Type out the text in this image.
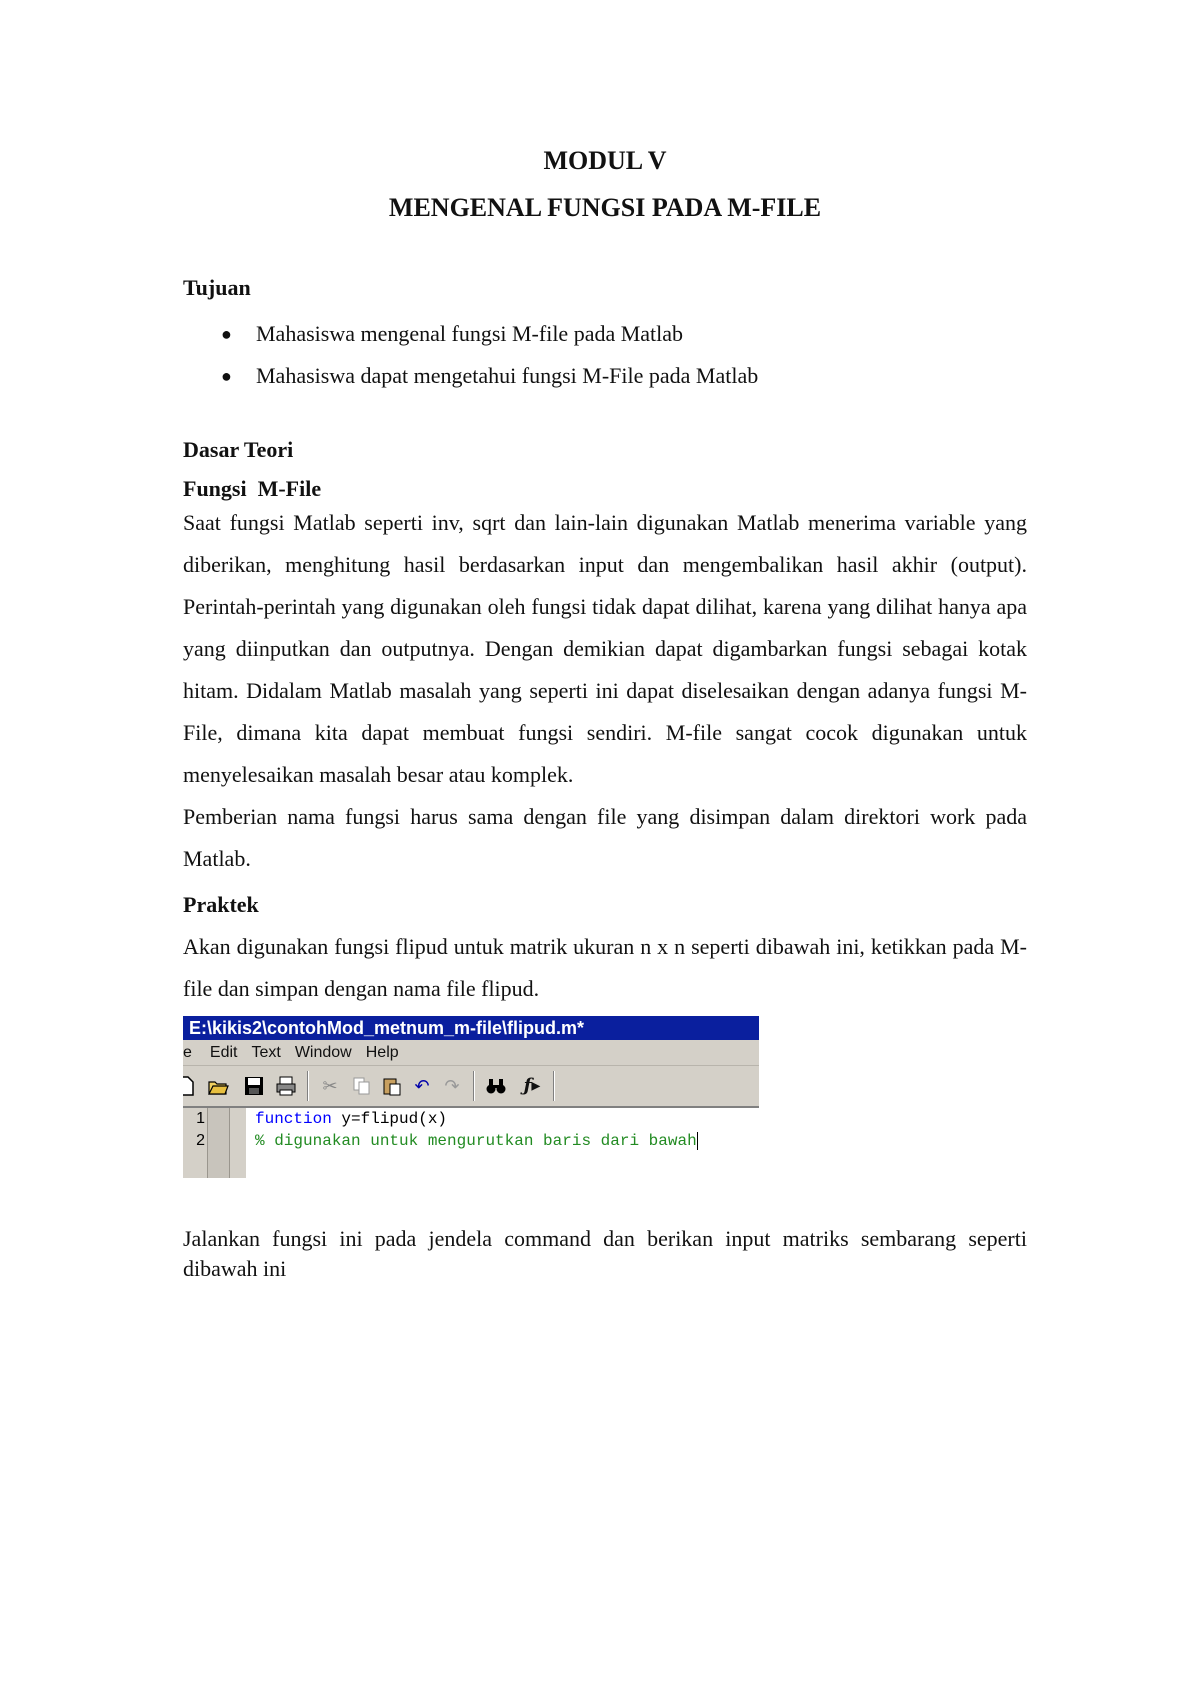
MODUL V

MENGENAL FUNGSI PADA M-FILE

Tujuan

● Mahasiswa mengenal fungsi M-file pada Matlab
● Mahasiswa dapat mengetahui fungsi M-File pada Matlab

Dasar Teori

Fungsi  M-File

Saat fungsi Matlab seperti inv, sqrt dan lain-lain digunakan Matlab menerima variable yang diberikan, menghitung hasil berdasarkan input dan mengembalikan hasil akhir (output). Perintah-perintah yang digunakan oleh fungsi tidak dapat dilihat, karena yang dilihat hanya apa yang diinputkan dan outputnya. Dengan demikian dapat digambarkan fungsi sebagai kotak hitam. Didalam Matlab masalah yang seperti ini dapat diselesaikan dengan adanya fungsi M-File, dimana kita dapat membuat fungsi sendiri. M-file sangat cocok digunakan untuk menyelesaikan masalah besar atau komplek.

Pemberian nama fungsi harus sama dengan file yang disimpan dalam direktori work pada Matlab.

Praktek

Akan digunakan fungsi flipud untuk matrik ukuran n x n seperti dibawah ini, ketikkan pada M-file dan simpan dengan nama file flipud.

E:\kikis2\contohMod_metnum_m-file\flipud.m*
e Edit Text Window Help
✂	↶ ↷	ƒ▸
1
2
function y=flipud(x)
% digunakan untuk mengurutkan baris dari bawah

Jalankan fungsi ini pada jendela command dan berikan input matriks sembarang seperti dibawah ini
